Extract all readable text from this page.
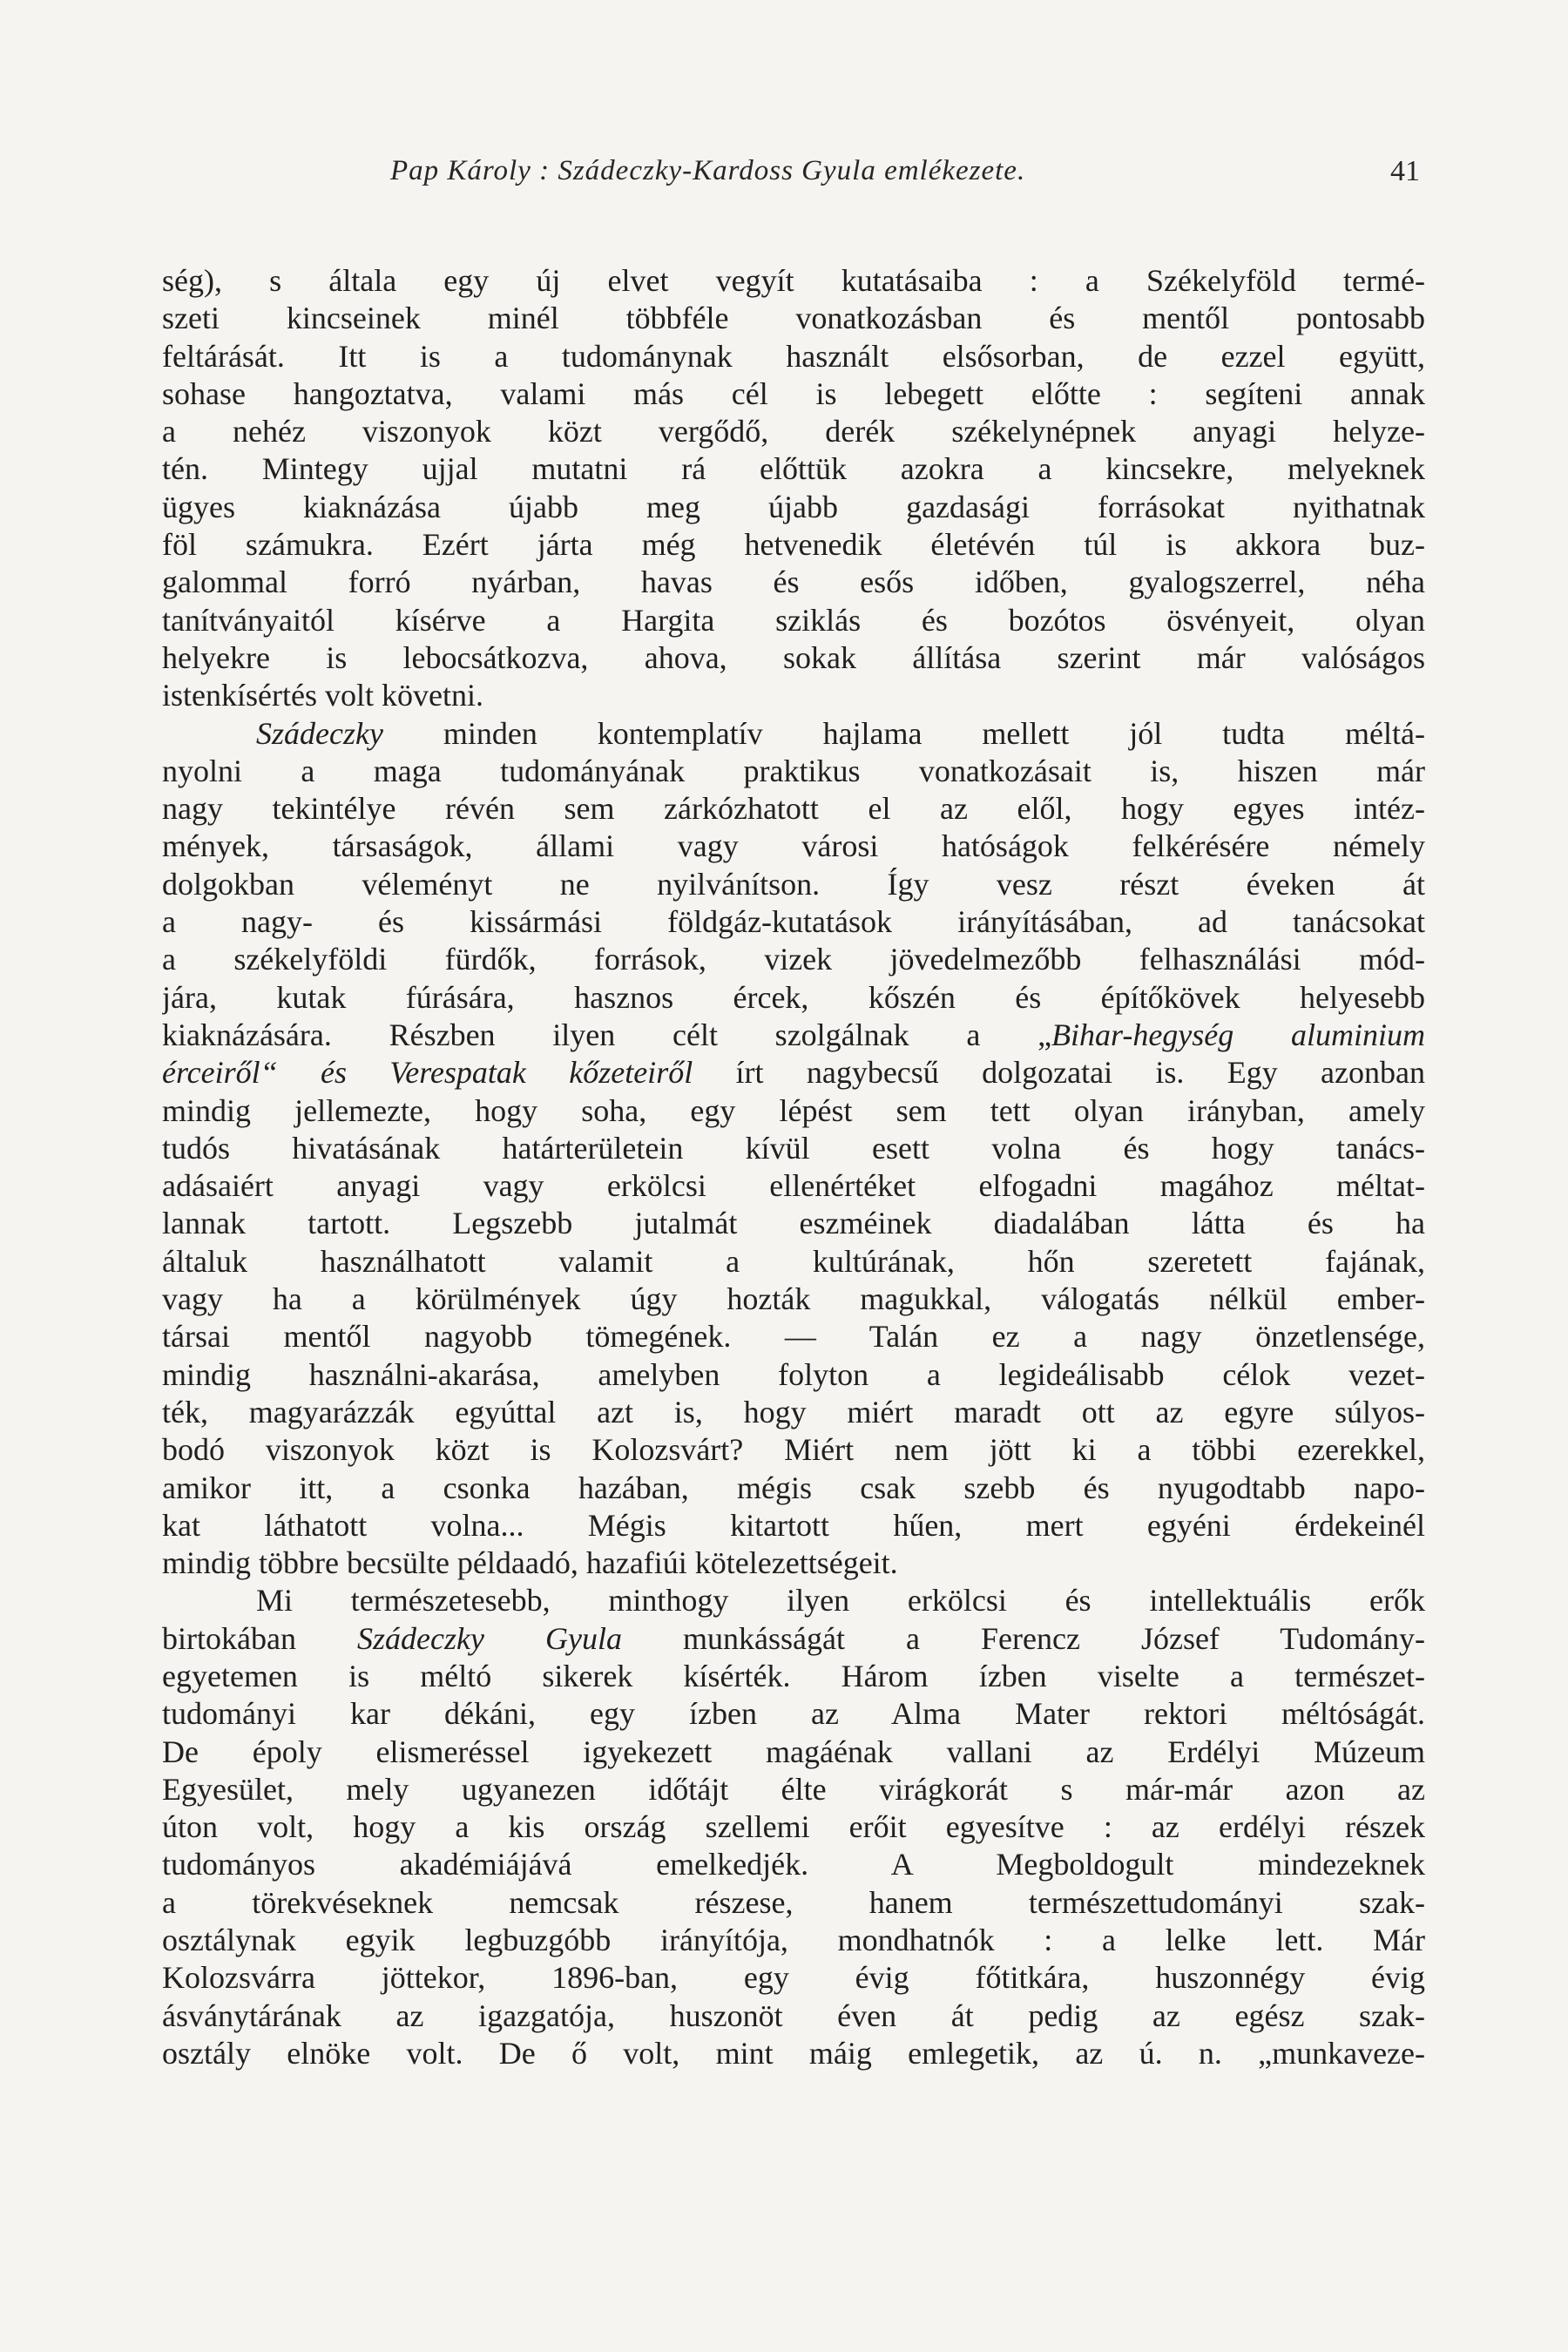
Pap Károly : Szádeczky-Kardoss Gyula emlékezete.	41
ség), s általa egy új elvet vegyít kutatásaiba : a Székelyföld termé-
szeti kincseinek minél többféle vonatkozásban és mentől pontosabb
feltárását. Itt is a tudománynak használt elsősorban, de ezzel együtt,
sohase hangoztatva, valami más cél is lebegett előtte : segíteni annak
a nehéz viszonyok közt vergődő, derék székelynépnek anyagi helyze-
tén. Mintegy ujjal mutatni rá előttük azokra a kincsekre, melyeknek
ügyes kiaknázása újabb meg újabb gazdasági forrásokat nyithatnak
föl számukra. Ezért járta még hetvenedik életévén túl is akkora buz-
galommal forró nyárban, havas és esős időben, gyalogszerrel, néha
tanítványaitól kísérve a Hargita sziklás és bozótos ösvényeit, olyan
helyekre is lebocsátkozva, ahova, sokak állítása szerint már valóságos
istenkísértés volt követni.
Szádeczky minden kontemplatív hajlama mellett jól tudta méltá-
nyolni a maga tudományának praktikus vonatkozásait is, hiszen már
nagy tekintélye révén sem zárkózhatott el az elől, hogy egyes intéz-
mények, társaságok, állami vagy városi hatóságok felkérésére némely
dolgokban véleményt ne nyilvánítson. Így vesz részt éveken át
a nagy- és kissármási földgáz-kutatások irányításában, ad tanácsokat
a székelyföldi fürdők, források, vizek jövedelmezőbb felhasználási mód-
jára, kutak fúrására, hasznos ércek, kőszén és építőkövek helyesebb
kiaknázására. Részben ilyen célt szolgálnak a „Bihar-hegység aluminium
érceiről“ és Verespatak kőzeteiről írt nagybecsű dolgozatai is. Egy azonban
mindig jellemezte, hogy soha, egy lépést sem tett olyan irányban, amely
tudós hivatásának határterületein kívül esett volna és hogy tanács-
adásaiért anyagi vagy erkölcsi ellenértéket elfogadni magához méltat-
lannak tartott. Legszebb jutalmát eszméinek diadalában látta és ha
általuk használhatott valamit a kultúrának, hőn szeretett fajának,
vagy ha a körülmények úgy hozták magukkal, válogatás nélkül ember-
társai mentől nagyobb tömegének. — Talán ez a nagy önzetlensége,
mindig használni-akarása, amelyben folyton a legideálisabb célok vezet-
ték, magyarázzák egyúttal azt is, hogy miért maradt ott az egyre súlyos-
bodó viszonyok közt is Kolozsvárt? Miért nem jött ki a többi ezerekkel,
amikor itt, a csonka hazában, mégis csak szebb és nyugodtabb napo-
kat láthatott volna... Mégis kitartott hűen, mert egyéni érdekeinél
mindig többre becsülte példaadó, hazafiúi kötelezettségeit.
Mi természetesebb, minthogy ilyen erkölcsi és intellektuális erők
birtokában Szádeczky Gyula munkásságát a Ferencz József Tudomány-
egyetemen is méltó sikerek kísérték. Három ízben viselte a természet-
tudományi kar dékáni, egy ízben az Alma Mater rektori méltóságát.
De époly elismeréssel igyekezett magáénak vallani az Erdélyi Múzeum
Egyesület, mely ugyanezen időtájt élte virágkorát s már-már azon az
úton volt, hogy a kis ország szellemi erőit egyesítve : az erdélyi részek
tudományos akadémiájává emelkedjék. A Megboldogult mindezeknek
a törekvéseknek nemcsak részese, hanem természettudományi szak-
osztálynak egyik legbuzgóbb irányítója, mondhatnók : a lelke lett. Már
Kolozsvárra jöttekor, 1896-ban, egy évig főtitkára, huszonnégy évig
ásványtárának az igazgatója, huszonöt éven át pedig az egész szak-
osztály elnöke volt. De ő volt, mint máig emlegetik, az ú. n. „munkaveze-
